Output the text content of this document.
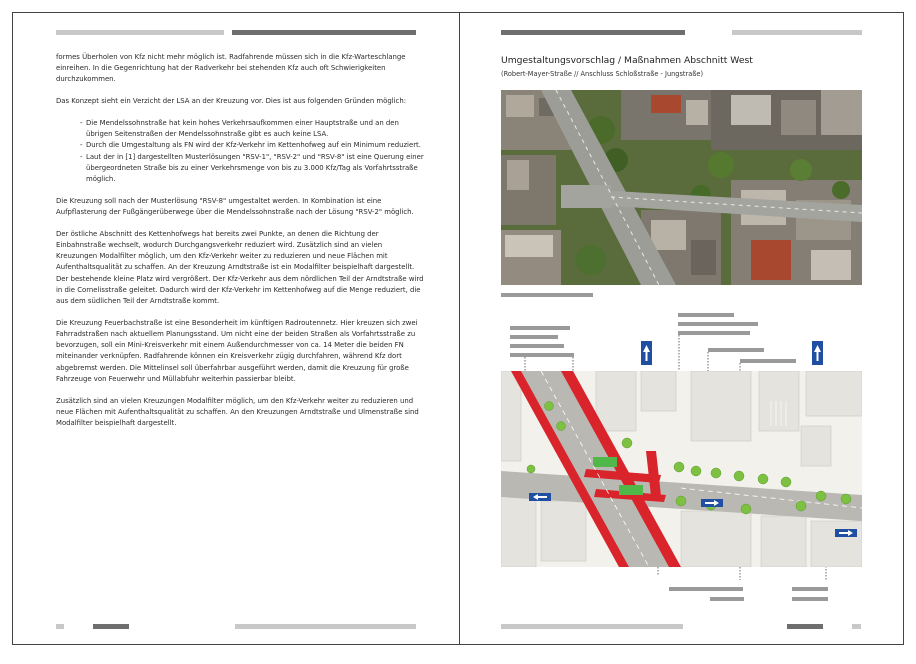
formes Überholen von Kfz nicht mehr möglich ist. Radfahrende müssen sich in die Kfz-Warteschlange einreihen. In die Gegenrichtung hat der Radverkehr bei stehenden Kfz auch oft Schwierigkeiten durchzukommen.

Das Konzept sieht ein Verzicht der LSA an der Kreuzung vor. Dies ist aus folgenden Gründen möglich:

- Die Mendelssohnstraße hat kein hohes Verkehrsaufkommen einer Hauptstraße und an den übrigen Seitenstraßen der Mendelssohnstraße gibt es auch keine LSA.
- Durch die Umgestaltung als FN wird der Kfz-Verkehr im Kettenhofweg auf ein Minimum reduziert.
- Laut der in [1] dargestellten Musterlösungen "RSV-1", "RSV-2" und "RSV-8" ist eine Querung einer übergeordneten Straße bis zu einer Verkehrsmenge von bis zu 3.000 Kfz/Tag als Vorfahrtsstraße möglich.

Die Kreuzung soll nach der Musterlösung "RSV-8" umgestaltet werden. In Kombination ist eine Aufpflasterung der Fußgängerüberwege über die Mendelssohnstraße nach der Lösung "RSV-2" möglich.

Der östliche Abschnitt des Kettenhofwegs hat bereits zwei Punkte, an denen die Richtung der Einbahnstraße wechselt, wodurch Durchgangsverkehr reduziert wird. Zusätzlich sind an vielen Kreuzungen Modalfilter möglich, um den Kfz-Verkehr weiter zu reduzieren und neue Flächen mit Aufenthaltsqualität zu schaffen. An der Kreuzung Arndtstraße ist ein Modalfilter beispielhaft dargestellt. Der bestehende kleine Platz wird vergrößert. Der Kfz-Verkehr aus dem nördlichen Teil der Arndtstraße wird in die Cornelisstraße geleitet. Dadurch wird der Kfz-Verkehr im Kettenhofweg auf die Menge reduziert, die aus dem südlichen Teil der Arndtstraße kommt.

Die Kreuzung Feuerbachstraße ist eine Besonderheit im künftigen Radroutennetz. Hier kreuzen sich zwei Fahrradstraßen nach aktuellem Planungsstand. Um nicht eine der beiden Straßen als Vorfahrtsstraße zu bevorzugen, soll ein Mini-Kreisverkehr mit einem Außendurchmesser von ca. 14 Meter die beiden FN miteinander verknüpfen. Radfahrende können ein Kreisverkehr zügig durchfahren, während Kfz dort abgebremst werden. Die Mittelinsel soll überfahrbar ausgeführt werden, damit die Kreuzung für große Fahrzeuge von Feuerwehr und Müllabfuhr weiterhin passierbar bleibt.

Zusätzlich sind an vielen Kreuzungen Modalfilter möglich, um den Kfz-Verkehr weiter zu reduzieren und neue Flächen mit Aufenthaltsqualität zu schaffen. An den Kreuzungen Arndtstraße und Ulmenstraße sind Modalfilter beispielhaft dargestellt.

Umgestaltungsvorschlag / Maßnahmen Abschnitt West
(Robert-Mayer-Straße // Anschluss Schloßstraße - Jungstraße)
